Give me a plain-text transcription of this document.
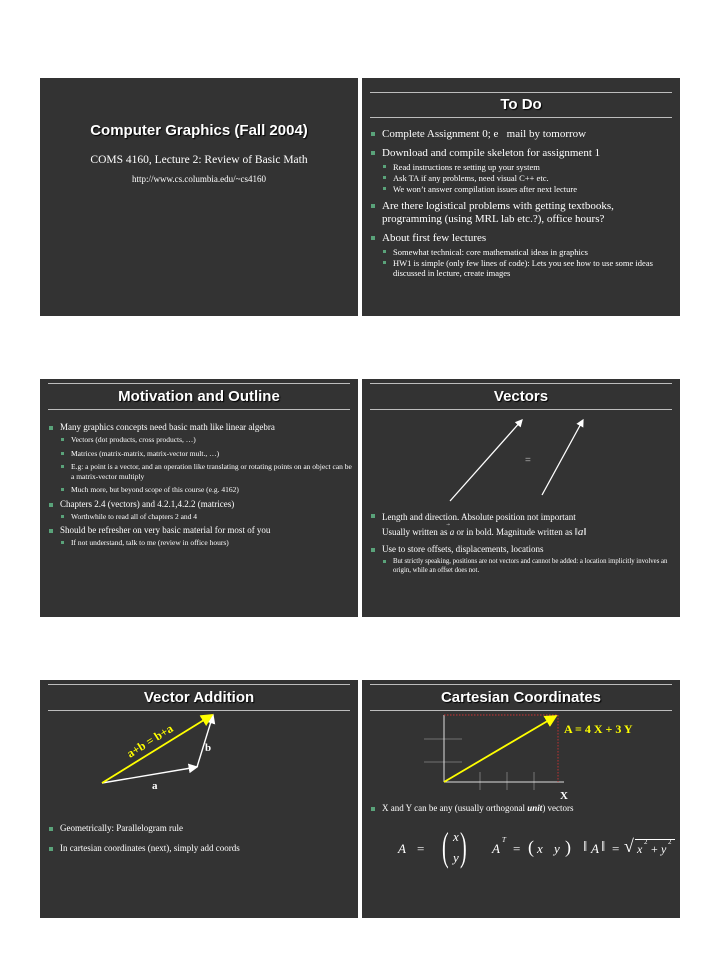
Computer Graphics (Fall 2004)
COMS 4160, Lecture 2: Review of Basic Math
http://www.cs.columbia.edu/~cs4160
To Do
Complete Assignment 0; e   mail by tomorrow
Download and compile skeleton for assignment 1
Read instructions re setting up your system
Ask TA if any problems, need visual C++ etc.
We won’t answer compilation issues after next lecture
Are there logistical problems with getting textbooks, programming (using MRL lab etc.?), office hours?
About first few lectures
Somewhat technical: core mathematical ideas in graphics
HW1 is simple (only few lines of code): Lets you see how to use some ideas discussed in lecture, create images
Motivation and Outline
Many graphics concepts need basic math like linear algebra
Vectors (dot products, cross products, …)
Matrices (matrix-matrix, matrix-vector mult., …)
E.g: a point is a vector, and an operation like translating or rotating points on an object can be a matrix-vector multiply
Much more, but beyond scope of this course (e.g. 4162)
Chapters 2.4 (vectors) and 4.2.1,4.2.2 (matrices)
Worthwhile to read all of chapters 2 and 4
Should be refresher on very basic material for most of you
If not understand, talk to me (review in office hours)
Vectors
=
Length and direction. Absolute position not important
Usually written as a
or in bold. Magnitude written as ‖a‖
Use to store offsets, displacements, locations
But strictly speaking, positions are not vectors and cannot be added: a location implicitly involves an origin, while an offset does not.
Vector Addition
a+b = b+a	b
a
Geometrically: Parallelogram rule
In cartesian coordinates (next), simply add coords
Cartesian Coordinates
A = 4 X + 3 Y
X
X and Y can be any (usually orthogonal unit) vectors
A = ( x
y ) A
T
= ( x y ) ‖ A ‖ = √ x 2 + y 2
